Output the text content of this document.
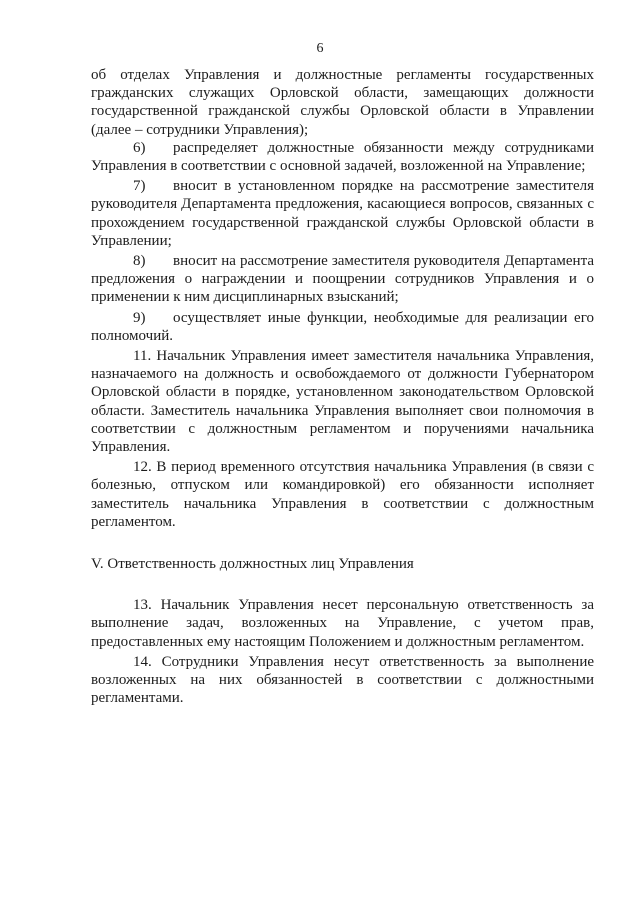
6

об отделах Управления и должностные регламенты государственных гражданских служащих Орловской области, замещающих должности государственной гражданской службы Орловской области в Управлении (далее – сотрудники Управления);

6) распределяет должностные обязанности между сотрудниками Управления в соответствии с основной задачей, возложенной на Управление;

7) вносит в установленном порядке на рассмотрение заместителя руководителя Департамента предложения, касающиеся вопросов, связанных с прохождением государственной гражданской службы Орловской области в Управлении;

8) вносит на рассмотрение заместителя руководителя Департамента предложения о награждении и поощрении сотрудников Управления и о применении к ним дисциплинарных взысканий;

9) осуществляет иные функции, необходимые для реализации его полномочий.

11. Начальник Управления имеет заместителя начальника Управления, назначаемого на должность и освобождаемого от должности Губернатором Орловской области в порядке, установленном законодательством Орловской области. Заместитель начальника Управления выполняет свои полномочия в соответствии с должностным регламентом и поручениями начальника Управления.

12. В период временного отсутствия начальника Управления (в связи с болезнью, отпуском или командировкой) его обязанности исполняет заместитель начальника Управления в соответствии с должностным регламентом.

V. Ответственность должностных лиц Управления

13. Начальник Управления несет персональную ответственность за выполнение задач, возложенных на Управление, с учетом прав, предоставленных ему настоящим Положением и должностным регламентом.

14. Сотрудники Управления несут ответственность за выполнение возложенных на них обязанностей в соответствии с должностными регламентами.
